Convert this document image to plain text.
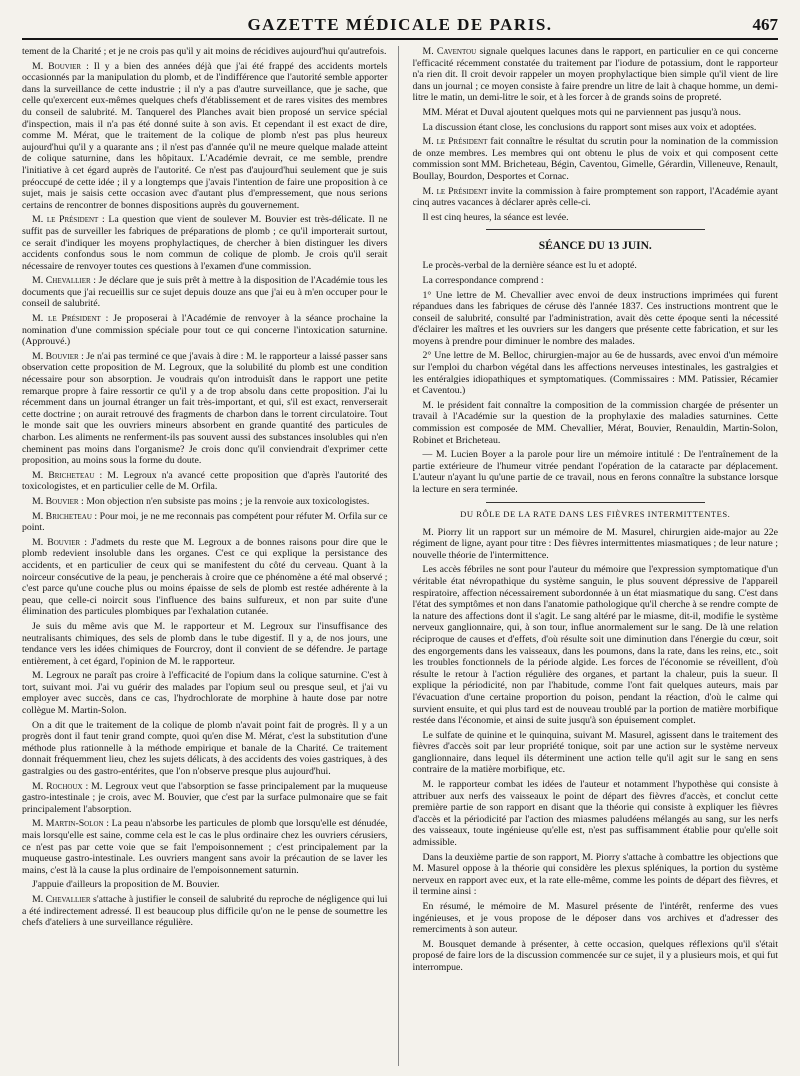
GAZETTE MÉDICALE DE PARIS.	467

tement de la Charité ; et je ne crois pas qu'il y ait moins de récidives aujourd'hui qu'autrefois.

M. Bouvier : Il y a bien des années déjà que j'ai été frappé des accidents mortels occasionnés par la manipulation du plomb, et de l'indifférence que l'autorité semble apporter dans la surveillance de cette industrie ; il n'y a pas d'autre surveillance, que je sache, que celle qu'exercent eux-mêmes quelques chefs d'établissement et de rares visites des membres du conseil de salubrité. M. Tanquerel des Planches avait bien proposé un service spécial d'inspection, mais il n'a pas été donné suite à son avis. Et cependant il est exact de dire, comme M. Mérat, que le traitement de la colique de plomb n'est pas plus heureux aujourd'hui qu'il y a quarante ans ; il n'est pas d'année qu'il ne meure quelque malade atteint de colique saturnine, dans les hôpitaux. L'Académie devrait, ce me semble, prendre l'initiative à cet égard auprès de l'autorité. Ce n'est pas d'aujourd'hui seulement que je suis préoccupé de cette idée ; il y a longtemps que j'avais l'intention de faire une proposition à ce sujet, mais je saisis cette occasion avec d'autant plus d'empressement, que nous serions certains de rencontrer de bonnes dispositions auprès du gouvernement.

M. le Président : La question que vient de soulever M. Bouvier est très-délicate. Il ne suffit pas de surveiller les fabriques de préparations de plomb ; ce qu'il importerait surtout, ce serait d'indiquer les moyens prophylactiques, de chercher à bien distinguer les divers accidents confondus sous le nom commun de colique de plomb. Je crois qu'il serait nécessaire de renvoyer toutes ces questions à l'examen d'une commission.

M. Chevallier : Je déclare que je suis prêt à mettre à la disposition de l'Académie tous les documents que j'ai recueillis sur ce sujet depuis douze ans que j'ai eu à m'en occuper pour le conseil de salubrité.

M. le Président : Je proposerai à l'Académie de renvoyer à la séance prochaine la nomination d'une commission spéciale pour tout ce qui concerne l'intoxication saturnine. (Approuvé.)

M. Bouvier : Je n'ai pas terminé ce que j'avais à dire : M. le rapporteur a laissé passer sans observation cette proposition de M. Legroux, que la solubilité du plomb est une condition nécessaire pour son absorption. Je voudrais qu'on introduisît dans le rapport une petite remarque propre à faire ressortir ce qu'il y a de trop absolu dans cette proposition. J'ai lu récemment dans un journal étranger un fait très-important, et qui, s'il est exact, renverserait cette doctrine ; on aurait retrouvé des fragments de charbon dans le torrent circulatoire. Tout le monde sait que les ouvriers mineurs absorbent en grande quantité des particules de charbon. Les aliments ne renferment-ils pas souvent aussi des substances insolubles qui n'en cheminent pas moins dans l'organisme? Je crois donc qu'il conviendrait d'exprimer cette proposition, au moins sous la forme du doute.

M. Bricheteau : M. Legroux n'a avancé cette proposition que d'après l'autorité des toxicologistes, et en particulier celle de M. Orfila.

M. Bouvier : Mon objection n'en subsiste pas moins ; je la renvoie aux toxicologistes.

M. Bricheteau : Pour moi, je ne me reconnais pas compétent pour réfuter M. Orfila sur ce point.

M. Bouvier : J'admets du reste que M. Legroux a de bonnes raisons pour dire que le plomb redevient insoluble dans les organes. C'est ce qui explique la persistance des accidents, et en particulier de ceux qui se manifestent du côté du cerveau. Quant à la noirceur consécutive de la peau, je pencherais à croire que ce phénomène a été mal observé ; c'est parce qu'une couche plus ou moins épaisse de sels de plomb est restée adhérente à la peau, que celle-ci noircit sous l'influence des bains sulfureux, et non par suite d'une élimination des particules plombiques par l'exhalation cutanée.

Je suis du même avis que M. le rapporteur et M. Legroux sur l'insuffisance des neutralisants chimiques, des sels de plomb dans le tube digestif. Il y a, de nos jours, une tendance vers les idées chimiques de Fourcroy, dont il convient de se défendre. Je partage entièrement, à cet égard, l'opinion de M. le rapporteur.

M. Legroux ne paraît pas croire à l'efficacité de l'opium dans la colique saturnine. C'est à tort, suivant moi. J'ai vu guérir des malades par l'opium seul ou presque seul, et j'ai vu employer avec succès, dans ce cas, l'hydrochlorate de morphine à haute dose par notre collègue M. Martin-Solon.

On a dit que le traitement de la colique de plomb n'avait point fait de progrès. Il y a un progrès dont il faut tenir grand compte, quoi qu'en dise M. Mérat, c'est la substitution d'une méthode plus rationnelle à la méthode empirique et banale de la Charité. Ce traitement donnait fréquemment lieu, chez les sujets délicats, à des accidents des voies gastriques, à des gastralgies ou des gastro-entérites, que l'on n'observe presque plus aujourd'hui.

M. Rochoux : M. Legroux veut que l'absorption se fasse principalement par la muqueuse gastro-intestinale ; je crois, avec M. Bouvier, que c'est par la surface pulmonaire que se fait principalement l'absorption.

M. Martin-Solon : La peau n'absorbe les particules de plomb que lorsqu'elle est dénudée, mais lorsqu'elle est saine, comme cela est le cas le plus ordinaire chez les ouvriers cérusiers, ce n'est pas par cette voie que se fait l'empoisonnement ; c'est principalement par la muqueuse gastro-intestinale. Les ouvriers mangent sans avoir la précaution de se laver les mains, c'est là la cause la plus ordinaire de l'empoisonnement saturnin.

J'appuie d'ailleurs la proposition de M. Bouvier.

M. Chevallier s'attache à justifier le conseil de salubrité du reproche de négligence qui lui a été indirectement adressé. Il est beaucoup plus difficile qu'on ne le pense de soumettre les chefs d'ateliers à une surveillance régulière.

M. Caventou signale quelques lacunes dans le rapport, en particulier en ce qui concerne l'efficacité récemment constatée du traitement par l'iodure de potassium, dont le rapporteur n'a rien dit. Il croit devoir rappeler un moyen prophylactique bien simple qu'il vient de lire dans un journal ; ce moyen consiste à faire prendre un litre de lait à chaque homme, un demi-litre le matin, un demi-litre le soir, et à les forcer à de grands soins de propreté.

MM. Mérat et Duval ajoutent quelques mots qui ne parviennent pas jusqu'à nous.

La discussion étant close, les conclusions du rapport sont mises aux voix et adoptées.

M. le Président fait connaître le résultat du scrutin pour la nomination de la commission de onze membres. Les membres qui ont obtenu le plus de voix et qui composent cette commission sont MM. Bricheteau, Bégin, Caventou, Gimelle, Gérardin, Villeneuve, Renault, Boullay, Bourdon, Desportes et Cornac.

M. le Président invite la commission à faire promptement son rapport, l'Académie ayant cinq autres vacances à déclarer après celle-ci.

Il est cinq heures, la séance est levée.

SÉANCE DU 13 JUIN.

Le procès-verbal de la dernière séance est lu et adopté.

La correspondance comprend :

1° Une lettre de M. Chevallier avec envoi de deux instructions imprimées qui furent répandues dans les fabriques de céruse dès l'année 1837. Ces instructions montrent que le conseil de salubrité, consulté par l'administration, avait dès cette époque senti la nécessité d'éclairer les maîtres et les ouvriers sur les dangers que présente cette fabrication, et sur les moyens à prendre pour diminuer le nombre des malades.

2° Une lettre de M. Belloc, chirurgien-major au 6e de hussards, avec envoi d'un mémoire sur l'emploi du charbon végétal dans les affections nerveuses intestinales, les gastralgies et les entéralgies idiopathiques et symptomatiques. (Commissaires : MM. Patissier, Récamier et Caventou.)

M. le président fait connaître la composition de la commission chargée de présenter un travail à l'Académie sur la question de la prophylaxie des maladies saturnines. Cette commission est composée de MM. Chevallier, Mérat, Bouvier, Renauldin, Martin-Solon, Robinet et Bricheteau.

— M. Lucien Boyer a la parole pour lire un mémoire intitulé : De l'entraînement de la partie extérieure de l'humeur vitrée pendant l'opération de la cataracte par déplacement. L'auteur n'ayant lu qu'une partie de ce travail, nous en ferons connaître la substance lorsque la lecture en sera terminée.

DU RÔLE DE LA RATE DANS LES FIÈVRES INTERMITTENTES.

M. Piorry lit un rapport sur un mémoire de M. Masurel, chirurgien aide-major au 22e régiment de ligne, ayant pour titre : Des fièvres intermittentes miasmatiques ; de leur nature ; nouvelle théorie de l'intermittence.

Les accès fébriles ne sont pour l'auteur du mémoire que l'expression symptomatique d'un véritable état névropathique du système sanguin, le plus souvent dépressive de l'appareil respiratoire, affection nécessairement subordonnée à un état miasmatique du sang. C'est dans l'état des symptômes et non dans l'anatomie pathologique qu'il cherche à se rendre compte de la nature des affections dont il s'agit. Le sang altéré par le miasme, dit-il, modifie le système nerveux ganglionnaire, qui, à son tour, influe anormalement sur le sang. De là une relation réciproque de causes et d'effets, d'où résulte soit une diminution dans l'énergie du cœur, soit des engorgements dans les vaisseaux, dans les poumons, dans la rate, dans les reins, etc., soit les troubles fonctionnels de la période algide. Les forces de l'économie se réveillent, d'où résulte le retour à l'action régulière des organes, et partant la chaleur, puis la sueur. Il explique la périodicité, non par l'habitude, comme l'ont fait quelques auteurs, mais par l'évacuation d'une certaine proportion du poison, pendant la réaction, d'où le calme qui survient ensuite, et qui plus tard est de nouveau troublé par la portion de matière morbifique restée dans l'économie, et ainsi de suite jusqu'à son épuisement complet.

Le sulfate de quinine et le quinquina, suivant M. Masurel, agissent dans le traitement des fièvres d'accès soit par leur propriété tonique, soit par une action sur le système nerveux ganglionnaire, dans lequel ils déterminent une action telle qu'il agit sur le sang en sens contraire de la matière morbifique, etc.

M. le rapporteur combat les idées de l'auteur et notamment l'hypothèse qui consiste à attribuer aux nerfs des vaisseaux le point de départ des fièvres d'accès, et conclut cette première partie de son rapport en disant que la théorie qui consiste à expliquer les fièvres d'accès et la périodicité par l'action des miasmes paludéens mélangés au sang, sur les nerfs des vaisseaux, toute ingénieuse qu'elle est, n'est pas suffisamment établie pour qu'elle soit admissible.

Dans la deuxième partie de son rapport, M. Piorry s'attache à combattre les objections que M. Masurel oppose à la théorie qui considère les plexus spléniques, la portion du système nerveux en rapport avec eux, et la rate elle-même, comme les points de départ des fièvres, et il termine ainsi :

En résumé, le mémoire de M. Masurel présente de l'intérêt, renferme des vues ingénieuses, et je vous propose de le déposer dans vos archives et d'adresser des remerciments à son auteur.

M. Bousquet demande à présenter, à cette occasion, quelques réflexions qu'il s'était proposé de faire lors de la discussion commencée sur ce sujet, il y a plusieurs mois, et qui fut interrompue.
